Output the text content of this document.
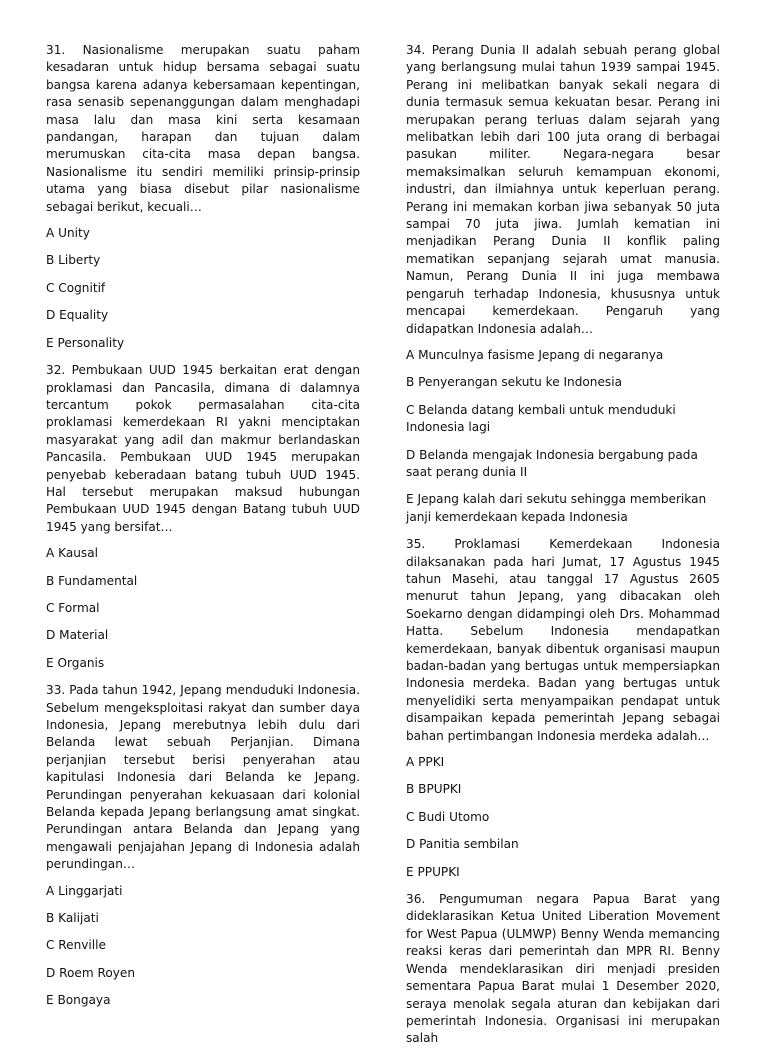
31. Nasionalisme merupakan suatu paham kesadaran untuk hidup bersama sebagai suatu bangsa karena adanya kebersamaan kepentingan, rasa senasib sepenanggungan dalam menghadapi masa lalu dan masa kini serta kesamaan pandangan, harapan dan tujuan dalam merumuskan cita-cita masa depan bangsa. Nasionalisme itu sendiri memiliki prinsip-prinsip utama yang biasa disebut pilar nasionalisme sebagai berikut, kecuali…

A Unity
B Liberty
C Cognitif
D Equality
E Personality

32. Pembukaan UUD 1945 berkaitan erat dengan proklamasi dan Pancasila, dimana di dalamnya tercantum pokok permasalahan cita-cita proklamasi kemerdekaan RI yakni menciptakan masyarakat yang adil dan makmur berlandaskan Pancasila. Pembukaan UUD 1945 merupakan penyebab keberadaan batang tubuh UUD 1945. Hal tersebut merupakan maksud hubungan Pembukaan UUD 1945 dengan Batang tubuh UUD 1945 yang bersifat…

A Kausal
B Fundamental
C Formal
D Material
E Organis

33. Pada tahun 1942, Jepang menduduki Indonesia. Sebelum mengeksploitasi rakyat dan sumber daya Indonesia, Jepang merebutnya lebih dulu dari Belanda lewat sebuah Perjanjian. Dimana perjanjian tersebut berisi penyerahan atau kapitulasi Indonesia dari Belanda ke Jepang. Perundingan penyerahan kekuasaan dari kolonial Belanda kepada Jepang berlangsung amat singkat. Perundingan antara Belanda dan Jepang yang mengawali penjajahan Jepang di Indonesia adalah perundingan…

A Linggarjati
B Kalijati
C Renville
D Roem Royen
E Bongaya

34. Perang Dunia II adalah sebuah perang global yang berlangsung mulai tahun 1939 sampai 1945. Perang ini melibatkan banyak sekali negara di dunia termasuk semua kekuatan besar. Perang ini merupakan perang terluas dalam sejarah yang melibatkan lebih dari 100 juta orang di berbagai pasukan militer. Negara-negara besar memaksimalkan seluruh kemampuan ekonomi, industri, dan ilmiahnya untuk keperluan perang. Perang ini memakan korban jiwa sebanyak 50 juta sampai 70 juta jiwa. Jumlah kematian ini menjadikan Perang Dunia II konflik paling mematikan sepanjang sejarah umat manusia. Namun, Perang Dunia II ini juga membawa pengaruh terhadap Indonesia, khususnya untuk mencapai kemerdekaan. Pengaruh yang didapatkan Indonesia adalah…

A Munculnya fasisme Jepang di negaranya
B Penyerangan sekutu ke Indonesia
C Belanda datang kembali untuk menduduki Indonesia lagi
D Belanda mengajak Indonesia bergabung pada saat perang dunia II
E Jepang kalah dari sekutu sehingga memberikan janji kemerdekaan kepada Indonesia

35. Proklamasi Kemerdekaan Indonesia dilaksanakan pada hari Jumat, 17 Agustus 1945 tahun Masehi, atau tanggal 17 Agustus 2605 menurut tahun Jepang, yang dibacakan oleh Soekarno dengan didampingi oleh Drs. Mohammad Hatta. Sebelum Indonesia mendapatkan kemerdekaan, banyak dibentuk organisasi maupun badan-badan yang bertugas untuk mempersiapkan Indonesia merdeka. Badan yang bertugas untuk menyelidiki serta menyampaikan pendapat untuk disampaikan kepada pemerintah Jepang sebagai bahan pertimbangan Indonesia merdeka adalah…

A PPKI
B BPUPKI
C Budi Utomo
D Panitia sembilan
E PPUPKI

36. Pengumuman negara Papua Barat yang dideklarasikan Ketua United Liberation Movement for West Papua (ULMWP) Benny Wenda memancing reaksi keras dari pemerintah dan MPR RI. Benny Wenda mendeklarasikan diri menjadi presiden sementara Papua Barat mulai 1 Desember 2020, seraya menolak segala aturan dan kebijakan dari pemerintah Indonesia. Organisasi ini merupakan salah
